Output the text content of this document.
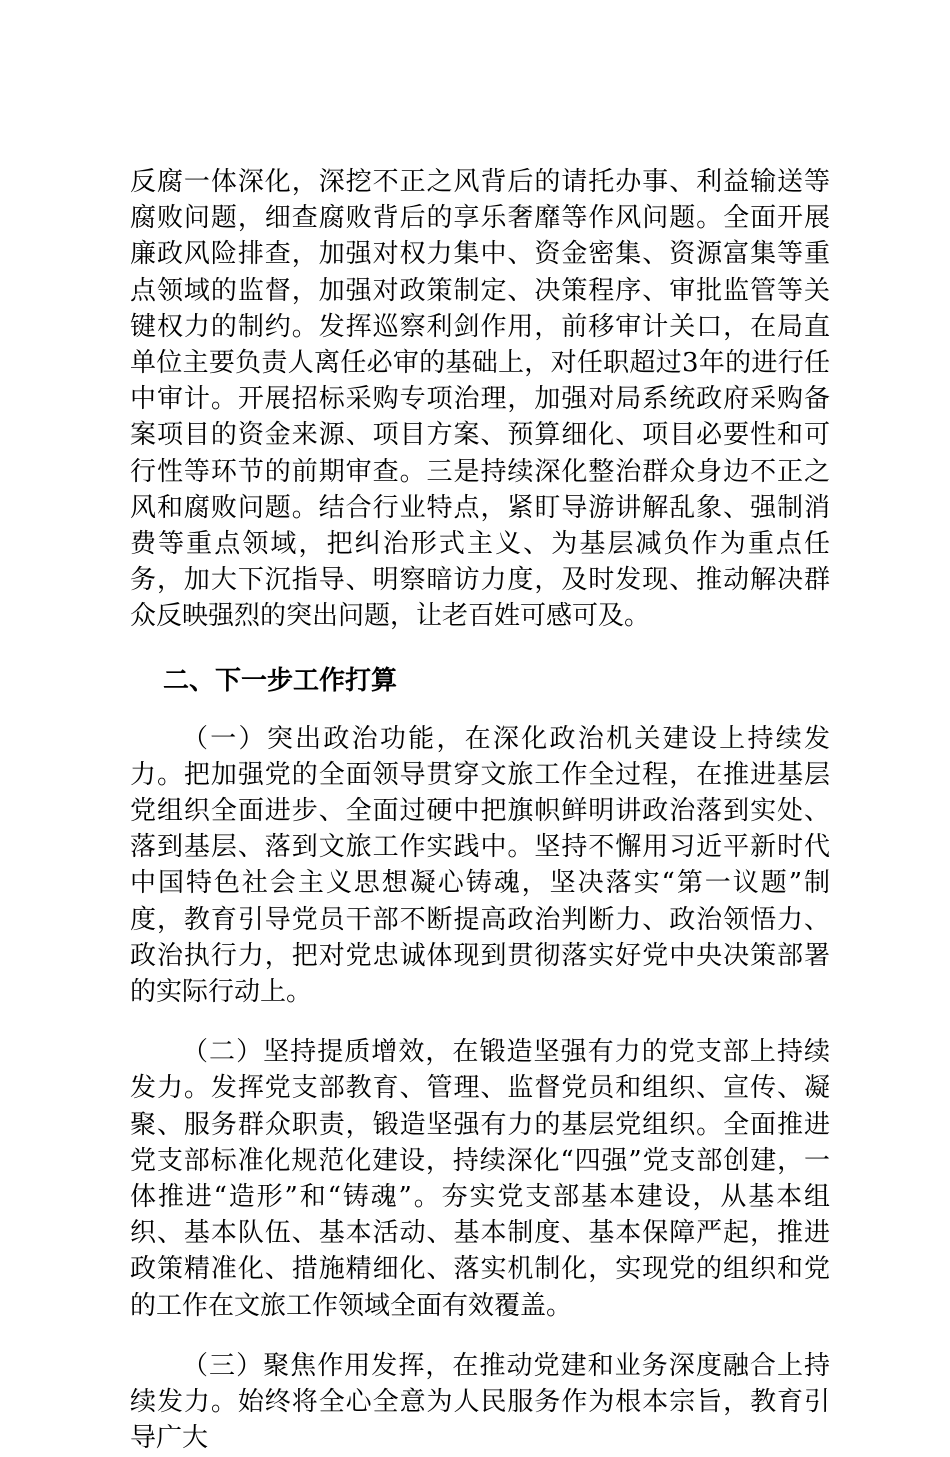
反腐一体深化，深挖不正之风背后的请托办事、利益输送等腐败问题，细查腐败背后的享乐奢靡等作风问题。全面开展廉政风险排查，加强对权力集中、资金密集、资源富集等重点领域的监督，加强对政策制定、决策程序、审批监管等关键权力的制约。发挥巡察利剑作用，前移审计关口，在局直单位主要负责人离任必审的基础上，对任职超过3年的进行任中审计。开展招标采购专项治理，加强对局系统政府采购备案项目的资金来源、项目方案、预算细化、项目必要性和可行性等环节的前期审查。三是持续深化整治群众身边不正之风和腐败问题。结合行业特点，紧盯导游讲解乱象、强制消费等重点领域，把纠治形式主义、为基层减负作为重点任务，加大下沉指导、明察暗访力度，及时发现、推动解决群众反映强烈的突出问题，让老百姓可感可及。

二、下一步工作打算

（一）突出政治功能，在深化政治机关建设上持续发力。把加强党的全面领导贯穿文旅工作全过程，在推进基层党组织全面进步、全面过硬中把旗帜鲜明讲政治落到实处、落到基层、落到文旅工作实践中。坚持不懈用习近平新时代中国特色社会主义思想凝心铸魂，坚决落实“第一议题”制度，教育引导党员干部不断提高政治判断力、政治领悟力、政治执行力，把对党忠诚体现到贯彻落实好党中央决策部署的实际行动上。

（二）坚持提质增效，在锻造坚强有力的党支部上持续发力。发挥党支部教育、管理、监督党员和组织、宣传、凝聚、服务群众职责，锻造坚强有力的基层党组织。全面推进党支部标准化规范化建设，持续深化“四强”党支部创建，一体推进“造形”和“铸魂”。夯实党支部基本建设，从基本组织、基本队伍、基本活动、基本制度、基本保障严起，推进政策精准化、措施精细化、落实机制化，实现党的组织和党的工作在文旅工作领域全面有效覆盖。

（三）聚焦作用发挥，在推动党建和业务深度融合上持续发力。始终将全心全意为人民服务作为根本宗旨，教育引导广大
